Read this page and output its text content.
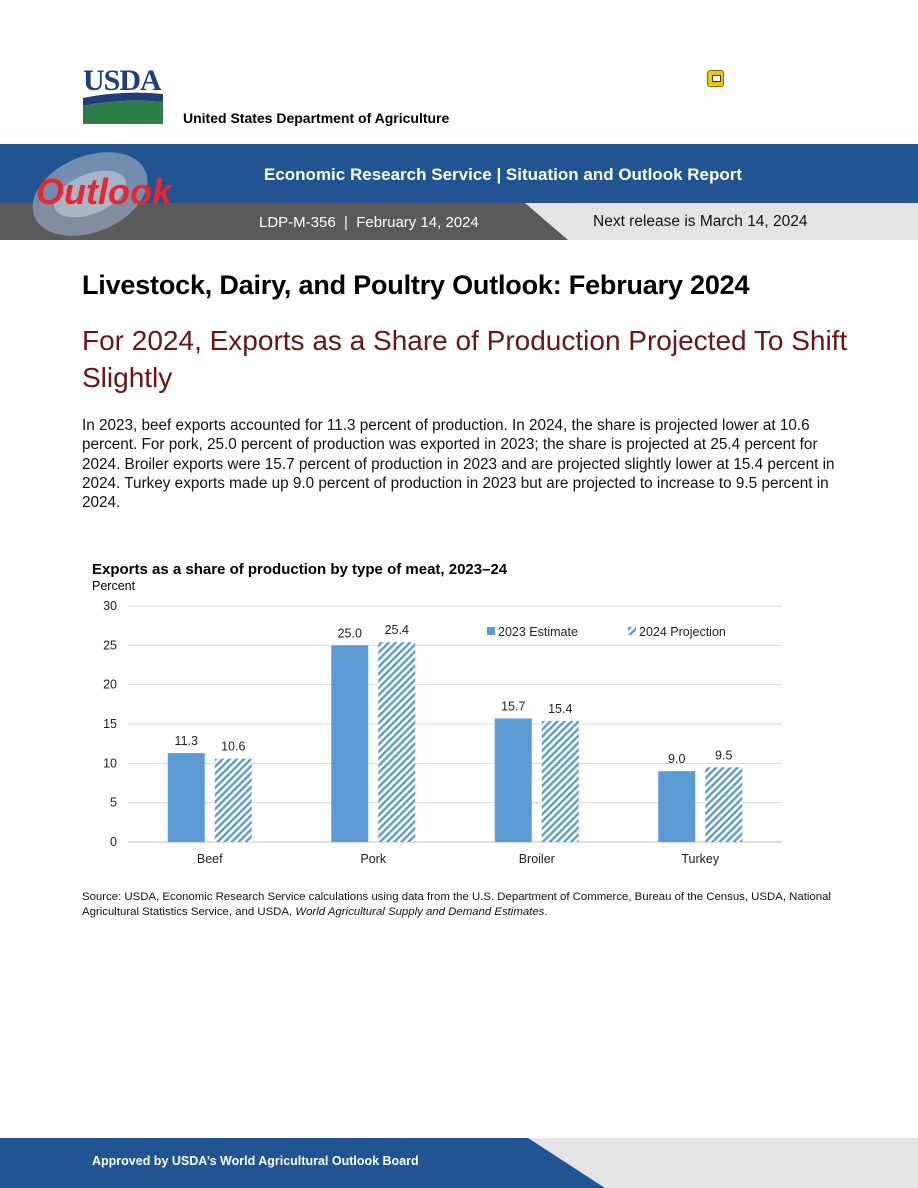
USDA
United States Department of Agriculture
Outlook	Economic Research Service | Situation and Outlook Report
LDP-M-356  |  February 14, 2024	Next release is March 14, 2024
Livestock, Dairy, and Poultry Outlook: February 2024
For 2024, Exports as a Share of Production Projected To Shift Slightly
In 2023, beef exports accounted for 11.3 percent of production. In 2024, the share is projected lower at 10.6 percent. For pork, 25.0 percent of production was exported in 2023; the share is projected at 25.4 percent for 2024. Broiler exports were 15.7 percent of production in 2023 and are projected slightly lower at 15.4 percent in 2024. Turkey exports made up 9.0 percent of production in 2023 but are projected to increase to 9.5 percent in 2024.
Exports as a share of production by type of meat, 2023–24
Percent
0
5
10
15
20
25
30
11.3 10.6
Beef
25.0 25.4
Pork
15.7 15.4
Broiler
9.0 9.5
Turkey
2023 Estimate	2024 Projection
Source: USDA, Economic Research Service calculations using data from the U.S. Department of Commerce, Bureau of the Census, USDA, National Agricultural Statistics Service, and USDA, World Agricultural Supply and Demand Estimates.
Approved by USDA’s World Agricultural Outlook Board
